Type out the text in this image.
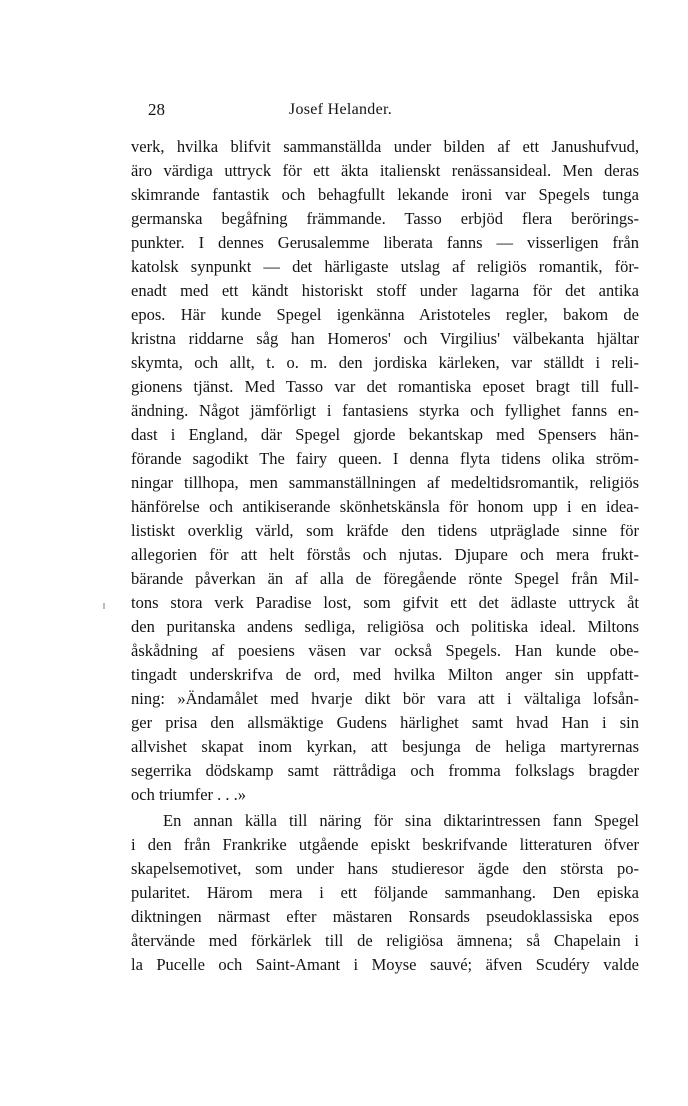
28	Josef Helander.
verk, hvilka blifvit sammanställda under bilden af ett Janushufvud,
äro värdiga uttryck för ett äkta italienskt renässansideal. Men deras
skimrande fantastik och behagfullt lekande ironi var Spegels tunga
germanska begåfning främmande. Tasso erbjöd flera berörings-
punkter. I dennes Gerusalemme liberata fanns — visserligen från
katolsk synpunkt — det härligaste utslag af religiös romantik, för-
enadt med ett kändt historiskt stoff under lagarna för det antika
epos. Här kunde Spegel igenkänna Aristoteles regler, bakom de
kristna riddarne såg han Homeros' och Virgilius' välbekanta hjältar
skymta, och allt, t. o. m. den jordiska kärleken, var ställdt i reli-
gionens tjänst. Med Tasso var det romantiska eposet bragt till full-
ändning. Något jämförligt i fantasiens styrka och fyllighet fanns en-
dast i England, där Spegel gjorde bekantskap med Spensers hän-
förande sagodikt The fairy queen. I denna flyta tidens olika ström-
ningar tillhopa, men sammanställningen af medeltidsromantik, religiös
hänförelse och antikiserande skönhetskänsla för honom upp i en idea-
listiskt overklig värld, som kräfde den tidens utpräglade sinne för
allegorien för att helt förstås och njutas. Djupare och mera frukt-
bärande påverkan än af alla de föregående rönte Spegel från Mil-
tons stora verk Paradise lost, som gifvit ett det ädlaste uttryck åt
den puritanska andens sedliga, religiösa och politiska ideal. Miltons
åskådning af poesiens väsen var också Spegels. Han kunde obe-
tingadt underskrifva de ord, med hvilka Milton anger sin uppfatt-
ning: »Ändamålet med hvarje dikt bör vara att i vältaliga lofsån-
ger prisa den allsmäktige Gudens härlighet samt hvad Han i sin
allvishet skapat inom kyrkan, att besjunga de heliga martyrernas
segerrika dödskamp samt rättrådiga och fromma folkslags bragder
och triumfer . . .»
En annan källa till näring för sina diktarintressen fann Spegel
i den från Frankrike utgående episkt beskrifvande litteraturen öfver
skapelsemotivet, som under hans studieresor ägde den största po-
pularitet. Härom mera i ett följande sammanhang. Den episka
diktningen närmast efter mästaren Ronsards pseudoklassiska epos
återvände med förkärlek till de religiösa ämnena; så Chapelain i
la Pucelle och Saint-Amant i Moyse sauvé; äfven Scudéry valde
